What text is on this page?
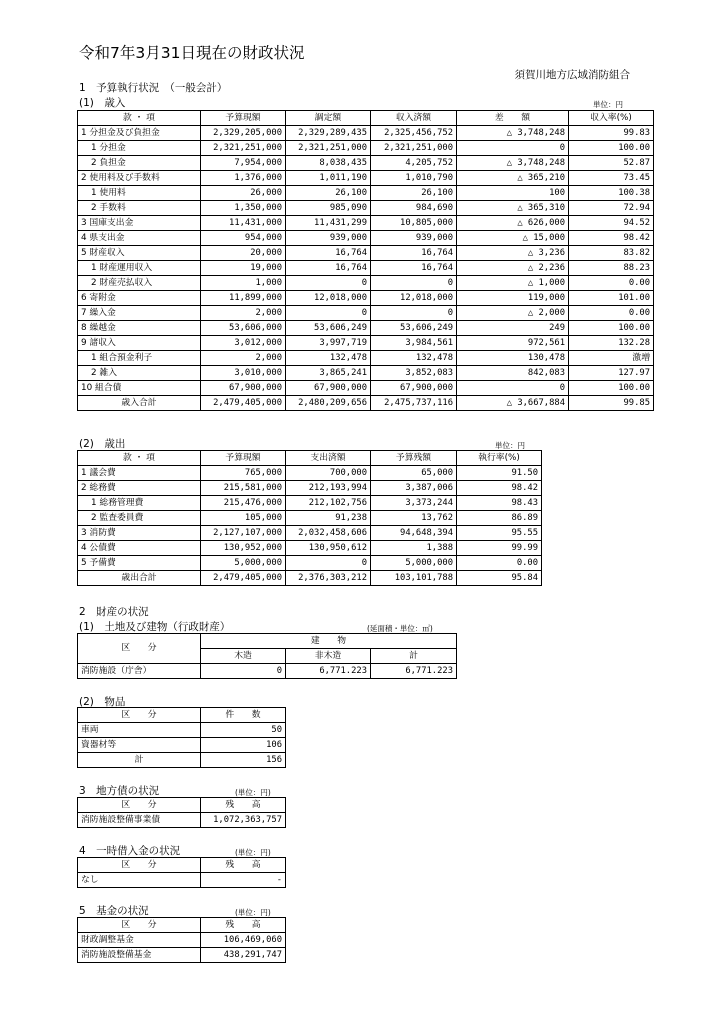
令和7年3月31日現在の財政状況
須賀川地方広域消防組合
1　予算執行状況　（一般会計）
(1)　歳入	単位：円
款 ・ 項	予算現額	調定額	収入済額	差　　額	収入率(%)
1 分担金及び負担金	2,329,205,000	2,329,289,435	2,325,456,752	△ 3,748,248	99.83
1 分担金	2,321,251,000	2,321,251,000	2,321,251,000	0	100.00
2 負担金	7,954,000	8,038,435	4,205,752	△ 3,748,248	52.87
2 使用料及び手数料	1,376,000	1,011,190	1,010,790	△ 365,210	73.45
1 使用料	26,000	26,100	26,100	100	100.38
2 手数料	1,350,000	985,090	984,690	△ 365,310	72.94
3 国庫支出金	11,431,000	11,431,299	10,805,000	△ 626,000	94.52
4 県支出金	954,000	939,000	939,000	△ 15,000	98.42
5 財産収入	20,000	16,764	16,764	△ 3,236	83.82
1 財産運用収入	19,000	16,764	16,764	△ 2,236	88.23
2 財産売払収入	1,000	0	0	△ 1,000	0.00
6 寄附金	11,899,000	12,018,000	12,018,000	119,000	101.00
7 繰入金	2,000	0	0	△ 2,000	0.00
8 繰越金	53,606,000	53,606,249	53,606,249	249	100.00
9 諸収入	3,012,000	3,997,719	3,984,561	972,561	132.28
1 組合預金利子	2,000	132,478	132,478	130,478	激増
2 雑入	3,010,000	3,865,241	3,852,083	842,083	127.97
10 組合債	67,900,000	67,900,000	67,900,000	0	100.00
歳入合計	2,479,405,000	2,480,209,656	2,475,737,116	△ 3,667,884	99.85
(2)　歳出	単位：円
款 ・ 項	予算現額	支出済額	予算残額	執行率(%)
1 議会費	765,000	700,000	65,000	91.50
2 総務費	215,581,000	212,193,994	3,387,006	98.42
1 総務管理費	215,476,000	212,102,756	3,373,244	98.43
2 監査委員費	105,000	91,238	13,762	86.89
3 消防費	2,127,107,000	2,032,458,606	94,648,394	95.55
4 公債費	130,952,000	130,950,612	1,388	99.99
5 予備費	5,000,000	0	5,000,000	0.00
歳出合計	2,479,405,000	2,376,303,212	103,101,788	95.84
2　財産の状況
(1)　土地及び建物（行政財産）	(延面積・単位：㎡)
区　　分	建　　物		
	木造	非木造	計
消防施設（庁舎）	0	6,771.223	6,771.223
(2)　物品
区　　分	件　　数
車両	50
資器材等	106
計	156
3　地方債の状況	(単位：円)
区　　分	残　　高
消防施設整備事業債	1,072,363,757
4　一時借入金の状況	(単位：円)
区　　分	残　　高
なし	-
5　基金の状況	(単位：円)
区　　分	残　　高
財政調整基金	106,469,060
消防施設整備基金	438,291,747
